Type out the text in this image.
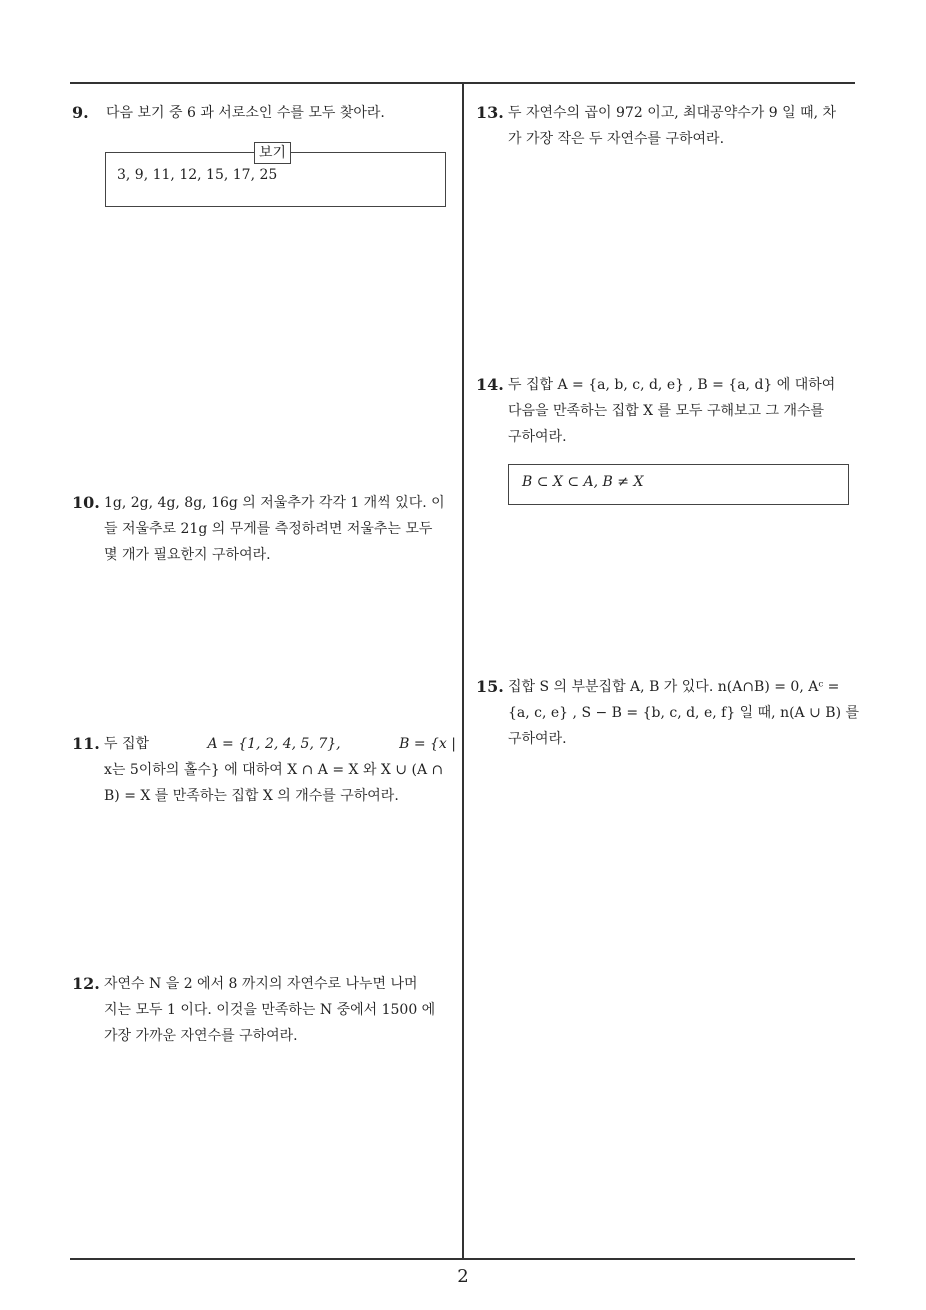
9. 다음 보기 중 6 과 서로소인 수를 모두 찾아라.
3, 9, 11, 12, 15, 17, 25
보기
10. 1g, 2g, 4g, 8g, 16g 의 저울추가 각각 1 개씩 있다. 이
들 저울추로 21g 의 무게를 측정하려면 저울추는 모두
몇 개가 필요한지 구하여라.
11. 두 집합	A = {1, 2, 4, 5, 7},	B = {x |
x는 5이하의 홀수} 에 대하여 X ∩ A = X 와 X ∪ (A ∩
B) = X 를 만족하는 집합 X 의 개수를 구하여라.
12. 자연수 N 을 2 에서 8 까지의 자연수로 나누면 나머
지는 모두 1 이다. 이것을 만족하는 N 중에서 1500 에
가장 가까운 자연수를 구하여라.
13. 두 자연수의 곱이 972 이고, 최대공약수가 9 일 때, 차
가 가장 작은 두 자연수를 구하여라.
14. 두 집합 A = {a, b, c, d, e} , B = {a, d} 에 대하여
다음을 만족하는 집합 X 를 모두 구해보고 그 개수를
구하여라.
B ⊂ X ⊂ A, B ≠ X
15. 집합 S 의 부분집합 A, B 가 있다. n(A∩B) = 0, Aᶜ =
{a, c, e} , S − B = {b, c, d, e, f} 일 때, n(A ∪ B) 를
구하여라.
2
